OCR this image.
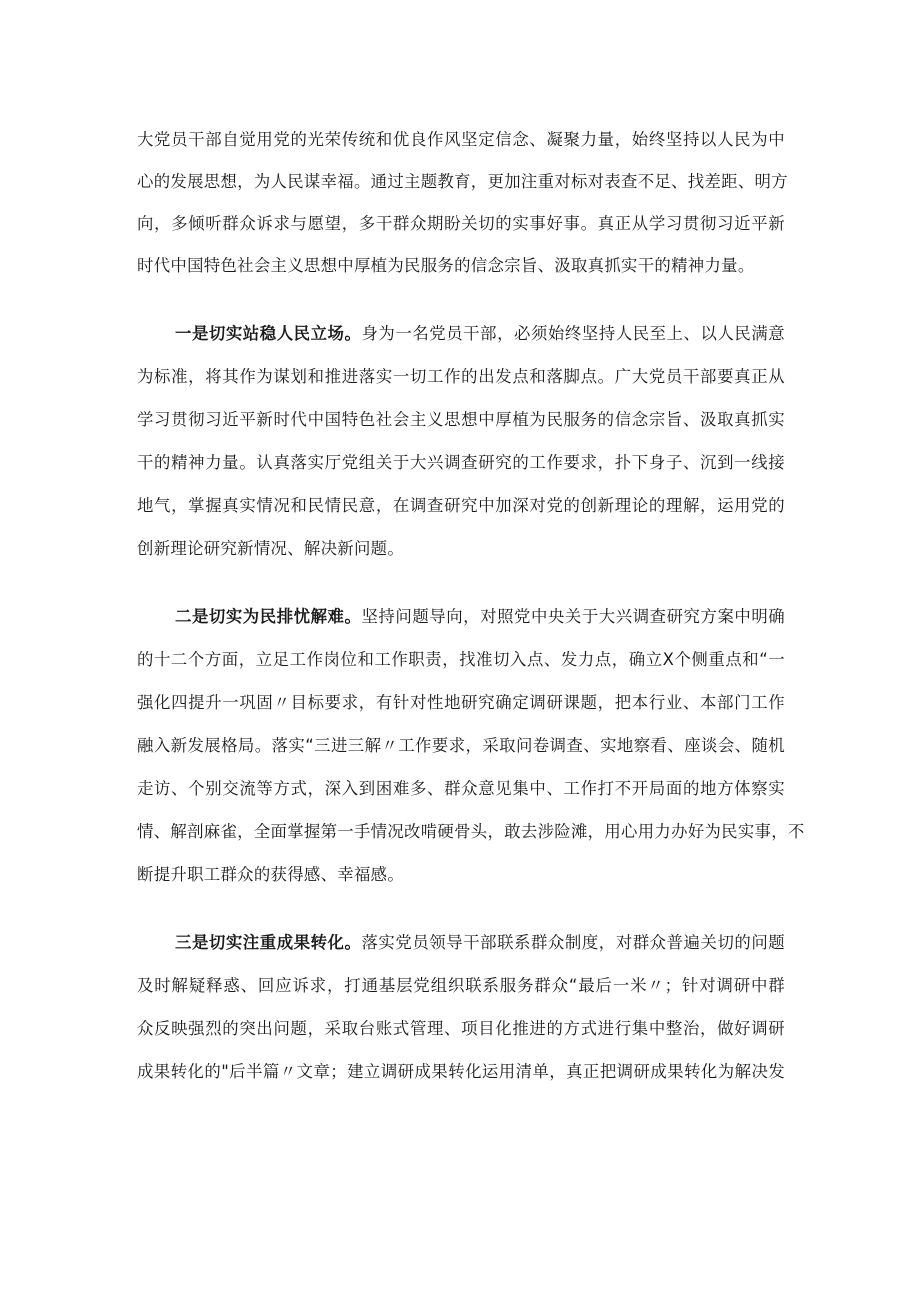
大党员干部自觉用党的光荣传统和优良作风坚定信念、凝聚力量，始终坚持以人民为中

心的发展思想，为人民谋幸福。通过主题教育，更加注重对标对表查不足、找差距、明方

向，多倾听群众诉求与愿望，多干群众期盼关切的实事好事。真正从学习贯彻习近平新

时代中国特色社会主义思想中厚植为民服务的信念宗旨、汲取真抓实干的精神力量。

一是切实站稳人民立场。身为一名党员干部，必须始终坚持人民至上、以人民满意

为标准，将其作为谋划和推进落实一切工作的出发点和落脚点。广大党员干部要真正从

学习贯彻习近平新时代中国特色社会主义思想中厚植为民服务的信念宗旨、汲取真抓实

干的精神力量。认真落实厅党组关于大兴调查研究的工作要求，扑下身子、沉到一线接

地气，掌握真实情况和民情民意，在调查研究中加深对党的创新理论的理解，运用党的

创新理论研究新情况、解决新问题。

二是切实为民排忧解难。坚持问题导向，对照党中央关于大兴调查研究方案中明确

的十二个方面，立足工作岗位和工作职责，找准切入点、发力点，确立X个侧重点和“一

强化四提升一巩固〃目标要求，有针对性地研究确定调研课题，把本行业、本部门工作

融入新发展格局。落实“三进三解〃工作要求，采取问卷调查、实地察看、座谈会、随机

走访、个别交流等方式，深入到困难多、群众意见集中、工作打不开局面的地方体察实

情、解剖麻雀，全面掌握第一手情况改啃硬骨头，敢去涉险滩，用心用力办好为民实事，不

断提升职工群众的获得感、幸福感。

三是切实注重成果转化。落实党员领导干部联系群众制度，对群众普遍关切的问题

及时解疑释惑、回应诉求，打通基层党组织联系服务群众“最后一米〃；针对调研中群

众反映强烈的突出问题，采取台账式管理、项目化推进的方式进行集中整治，做好调研

成果转化的"后半篇〃文章；建立调研成果转化运用清单，真正把调研成果转化为解决发
